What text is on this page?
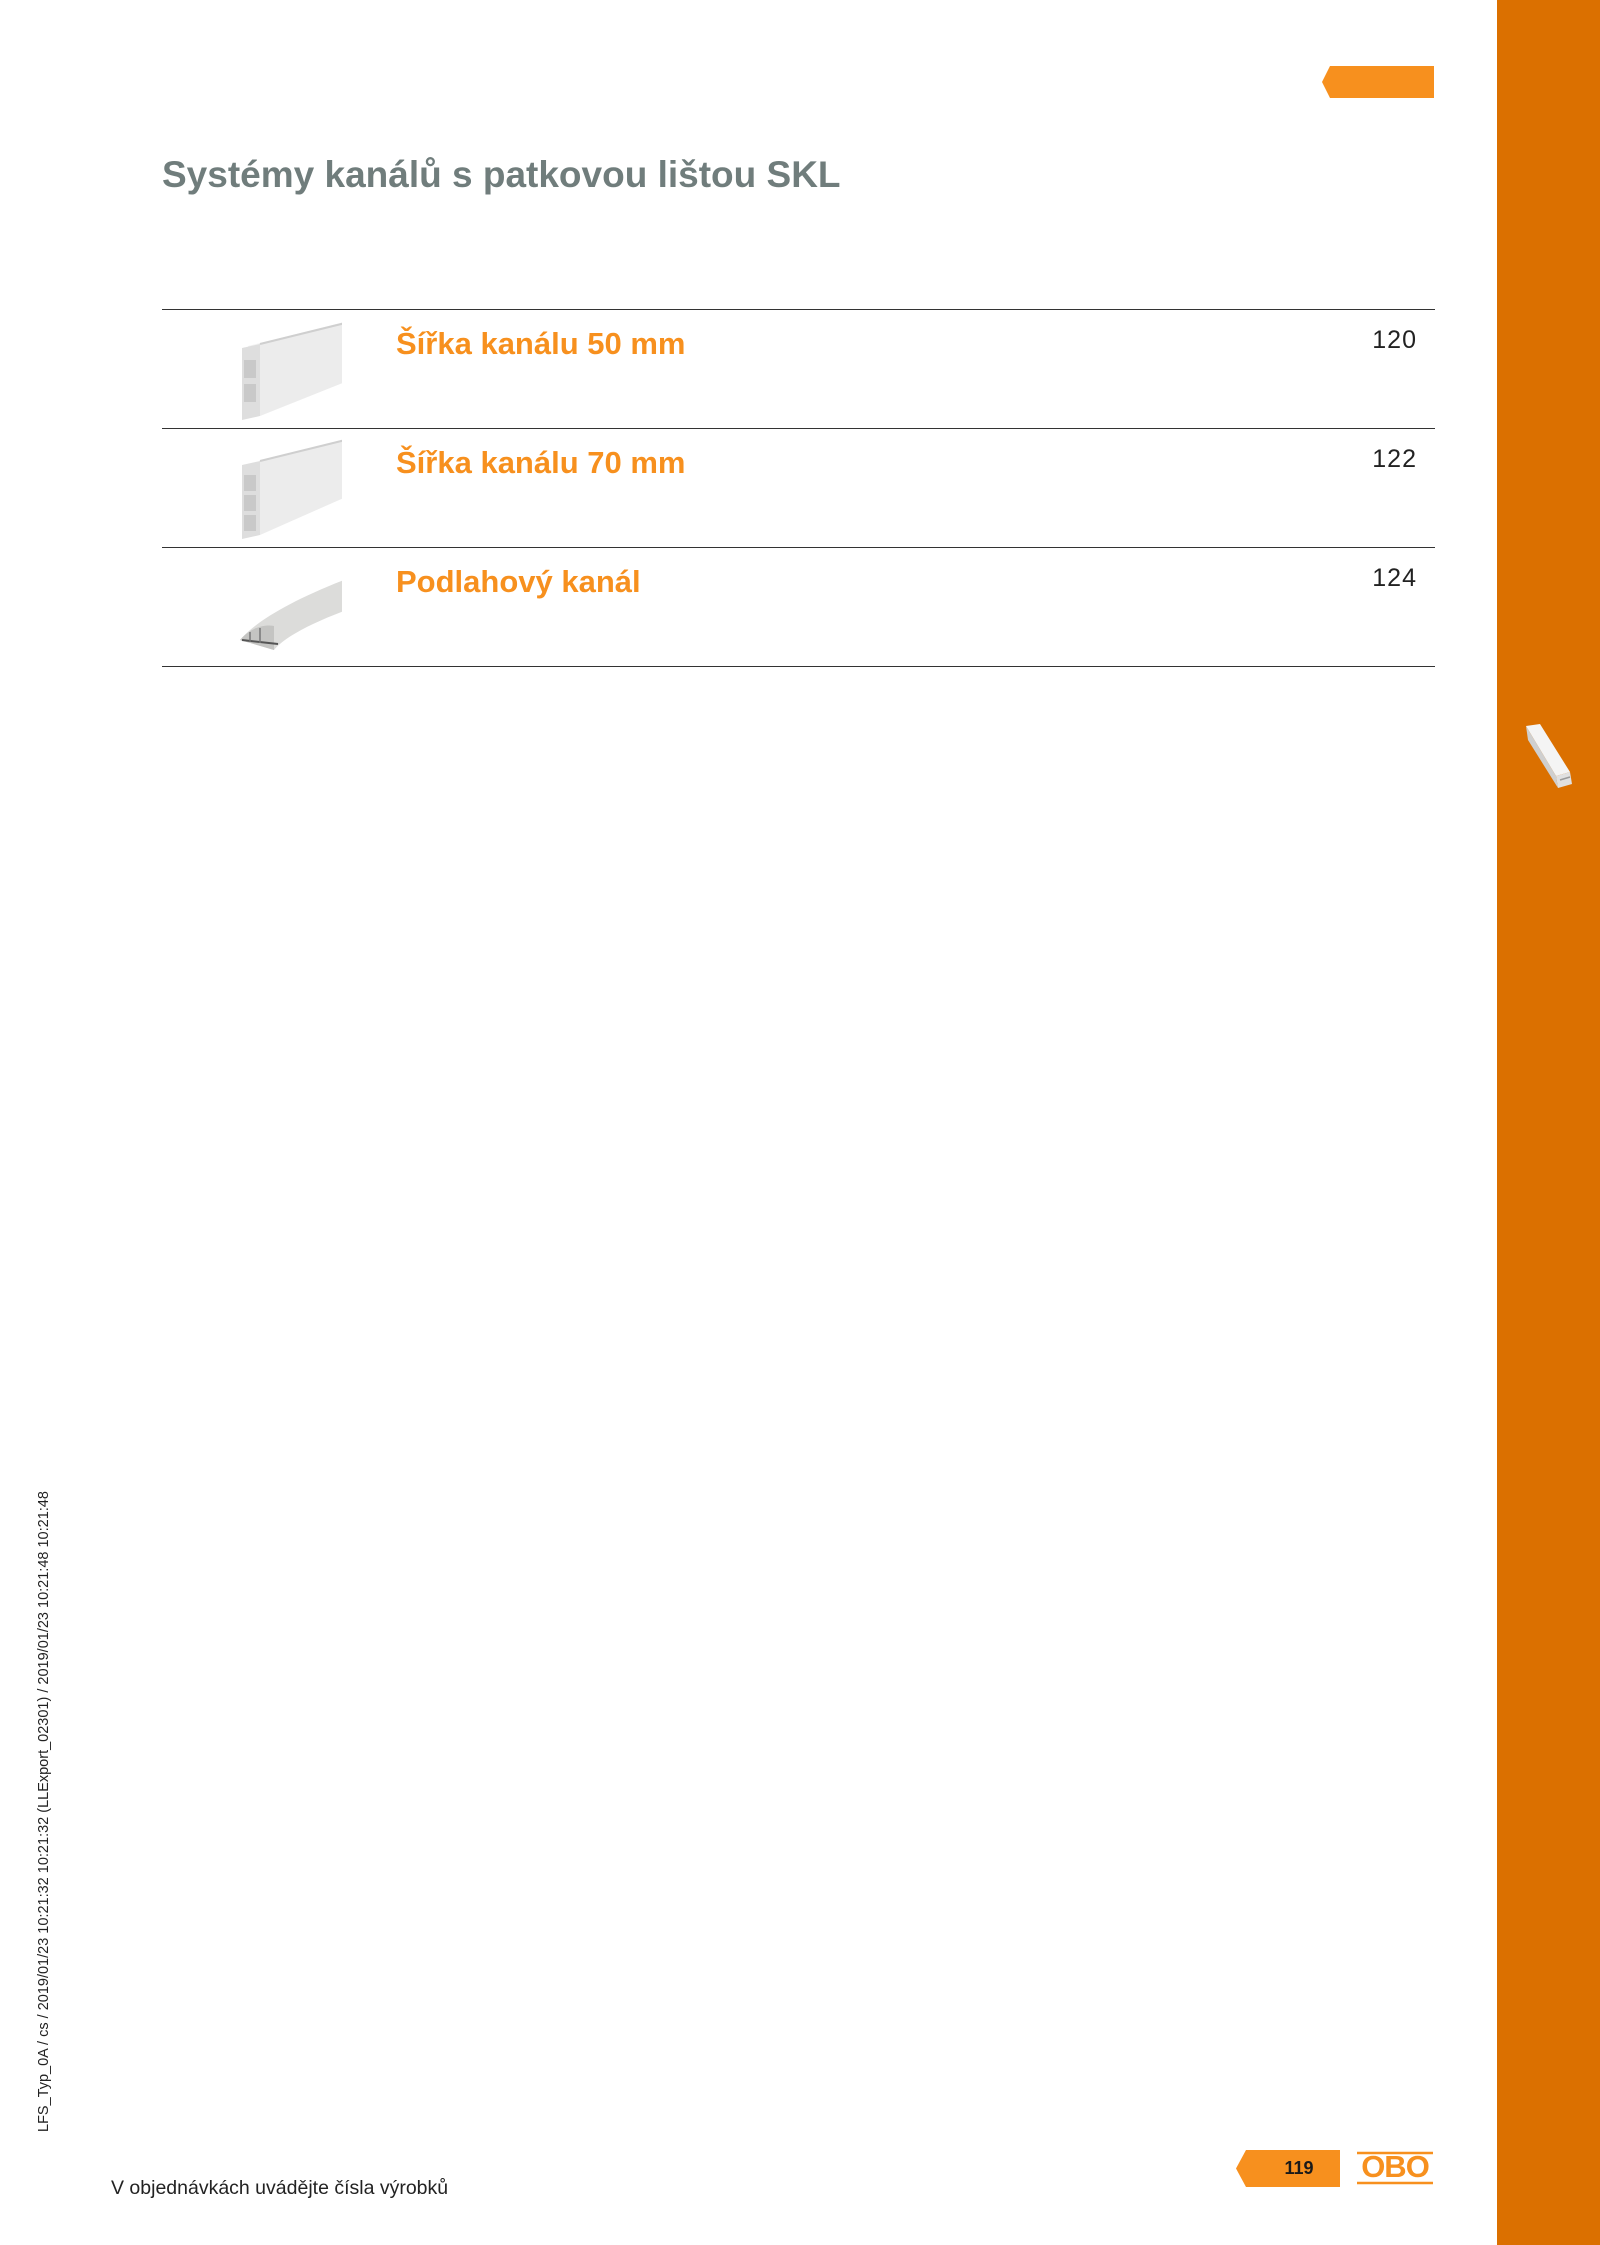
Systémy kanálů s patkovou lištou SKL
Šířka kanálu 50 mm	120
Šířka kanálu 70 mm	122
Podlahový kanál	124
LFS_Typ_0A / cs / 2019/01/23 10:21:32 10:21:32 (LLExport_02301) / 2019/01/23 10:21:48 10:21:48
V objednávkách uvádějte čísla výrobků
119	OBO
